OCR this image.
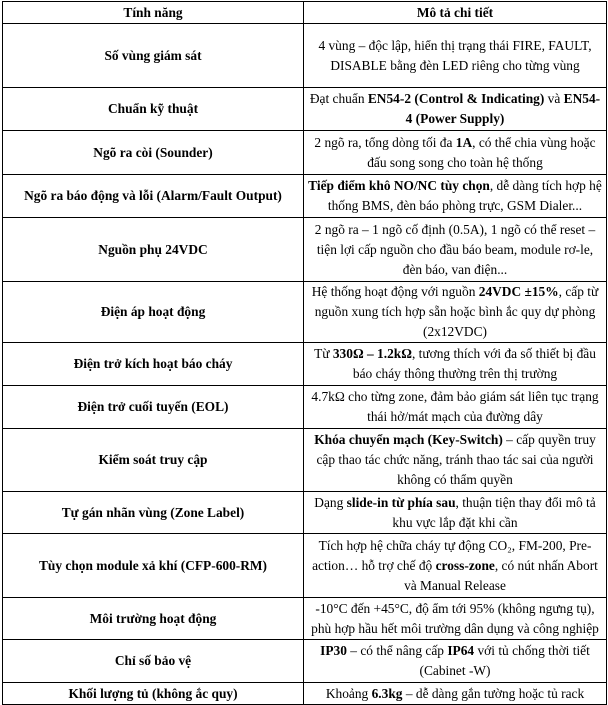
Tính năng	Mô tả chi tiết
Số vùng giám sát	4 vùng – độc lập, hiển thị trạng thái FIRE, FAULT, DISABLE bằng đèn LED riêng cho từng vùng
Chuẩn kỹ thuật	Đạt chuẩn EN54-2 (Control & Indicating) và EN54-4 (Power Supply)
Ngõ ra còi (Sounder)	2 ngõ ra, tổng dòng tối đa 1A, có thể chia vùng hoặc đấu song song cho toàn hệ thống
Ngõ ra báo động và lỗi (Alarm/Fault Output)	Tiếp điểm khô NO/NC tùy chọn, dễ dàng tích hợp hệ thống BMS, đèn báo phòng trực, GSM Dialer...
Nguồn phụ 24VDC	2 ngõ ra – 1 ngõ cố định (0.5A), 1 ngõ có thể reset – tiện lợi cấp nguồn cho đầu báo beam, module rơ-le, đèn báo, van điện...
Điện áp hoạt động	Hệ thống hoạt động với nguồn 24VDC ±15%, cấp từ nguồn xung tích hợp sẵn hoặc bình ắc quy dự phòng (2x12VDC)
Điện trở kích hoạt báo cháy	Từ 330Ω – 1.2kΩ, tương thích với đa số thiết bị đầu báo cháy thông thường trên thị trường
Điện trở cuối tuyến (EOL)	4.7kΩ cho từng zone, đảm bảo giám sát liên tục trạng thái hở/mát mạch của đường dây
Kiểm soát truy cập	Khóa chuyển mạch (Key-Switch) – cấp quyền truy cập thao tác chức năng, tránh thao tác sai của người không có thẩm quyền
Tự gán nhãn vùng (Zone Label)	Dạng slide-in từ phía sau, thuận tiện thay đổi mô tả khu vực lắp đặt khi cần
Tùy chọn module xả khí (CFP-600-RM)	Tích hợp hệ chữa cháy tự động CO₂, FM-200, Pre-action… hỗ trợ chế độ cross-zone, có nút nhấn Abort và Manual Release
Môi trường hoạt động	-10°C đến +45°C, độ ẩm tới 95% (không ngưng tụ), phù hợp hầu hết môi trường dân dụng và công nghiệp
Chỉ số bảo vệ	IP30 – có thể nâng cấp IP64 với tủ chống thời tiết (Cabinet -W)
Khối lượng tủ (không ắc quy)	Khoảng 6.3kg – dễ dàng gắn tường hoặc tủ rack
